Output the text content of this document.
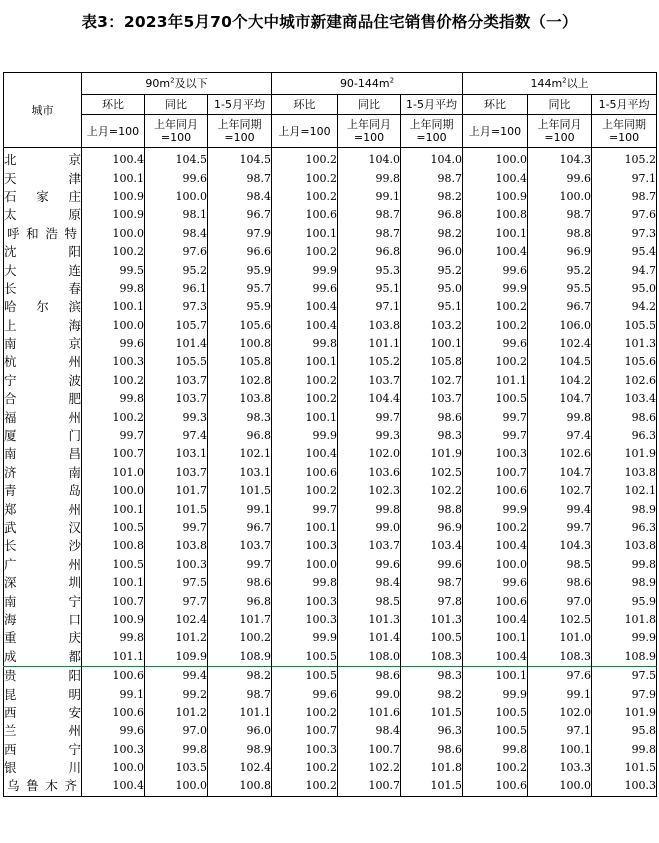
表3：2023年5月70个大中城市新建商品住宅销售价格分类指数（一）
城市	$90m^2$及以下			$90-144m^2$			$144m^2$以上		
	环比	同比	1-5月平均	环比	同比	1-5月平均	环比	同比	1-5月平均
	上月=100	上年同月=100	上年同期=100	上月=100	上年同月=100	上年同期=100	上月=100	上年同月=100	上年同期=100
北　　京	100.4	104.5	104.5	100.2	104.0	104.0	100.0	104.3	105.2
天　　津	100.1	99.6	98.7	100.2	99.8	98.7	100.4	99.6	97.1
石家庄	100.9	100.0	98.4	100.2	99.1	98.2	100.9	100.0	98.7
太　　原	100.9	98.1	96.7	100.6	98.7	96.8	100.8	98.7	97.6
呼和浩特	100.0	98.4	97.9	100.1	98.7	98.2	100.1	98.8	97.3
沈　　阳	100.2	97.6	96.6	100.2	96.8	96.0	100.4	96.9	95.4
大　　连	99.5	95.2	95.9	99.9	95.3	95.2	99.6	95.2	94.7
长　　春	99.8	96.1	95.7	99.6	95.1	95.0	99.9	95.5	95.0
哈尔滨	100.1	97.3	95.9	100.4	97.1	95.1	100.2	96.7	94.2
上　　海	100.0	105.7	105.6	100.4	103.8	103.2	100.2	106.0	105.5
南　　京	99.6	101.4	100.8	99.8	101.1	100.1	99.6	102.4	101.3
杭　　州	100.3	105.5	105.8	100.1	105.2	105.8	100.2	104.5	105.6
宁　　波	100.2	103.7	102.8	100.2	103.7	102.7	101.1	104.2	102.6
合　　肥	99.8	103.7	103.8	100.2	104.4	103.7	100.5	104.7	103.4
福　　州	100.2	99.3	98.3	100.1	99.7	98.6	99.7	99.8	98.6
厦　　门	99.7	97.4	96.8	99.9	99.3	98.3	99.7	97.4	96.3
南　　昌	100.7	103.1	102.1	100.4	102.0	101.9	100.3	102.6	101.9
济　　南	101.0	103.7	103.1	100.6	103.6	102.5	100.7	104.7	103.8
青　　岛	100.0	101.7	101.5	100.2	102.3	102.2	100.6	102.7	102.1
郑　　州	100.1	101.5	99.1	99.7	99.8	98.8	99.9	99.4	98.9
武　　汉	100.5	99.7	96.7	100.1	99.0	96.9	100.2	99.7	96.3
长　　沙	100.8	103.8	103.7	100.3	103.7	103.4	100.4	104.3	103.8
广　　州	100.5	100.3	99.7	100.0	99.6	99.6	100.0	98.5	99.8
深　　圳	100.1	97.5	98.6	99.8	98.4	98.7	99.6	98.6	98.9
南　　宁	100.7	97.7	96.8	100.3	98.5	97.8	100.6	97.0	95.9
海　　口	100.9	102.4	101.7	100.3	101.3	101.3	100.4	102.5	101.8
重　　庆	99.8	101.2	100.2	99.9	101.4	100.5	100.1	101.0	99.9
成　　都	101.1	109.9	108.9	100.5	108.0	108.3	100.4	108.3	108.9
贵　　阳	100.6	99.4	98.2	100.5	98.6	98.3	100.1	97.6	97.5
昆　　明	99.1	99.2	98.7	99.6	99.0	98.2	99.9	99.1	97.9
西　　安	100.6	101.2	101.1	100.2	101.6	101.5	100.5	102.0	101.9
兰　　州	99.6	97.0	96.0	100.7	98.4	96.3	100.5	97.1	95.8
西　　宁	100.3	99.8	98.9	100.3	100.7	98.6	99.8	100.1	99.8
银　　川	100.0	103.5	102.4	100.2	102.2	101.8	100.2	103.3	101.5
乌鲁木齐	100.4	100.0	100.8	100.2	100.7	101.5	100.6	100.0	100.3
